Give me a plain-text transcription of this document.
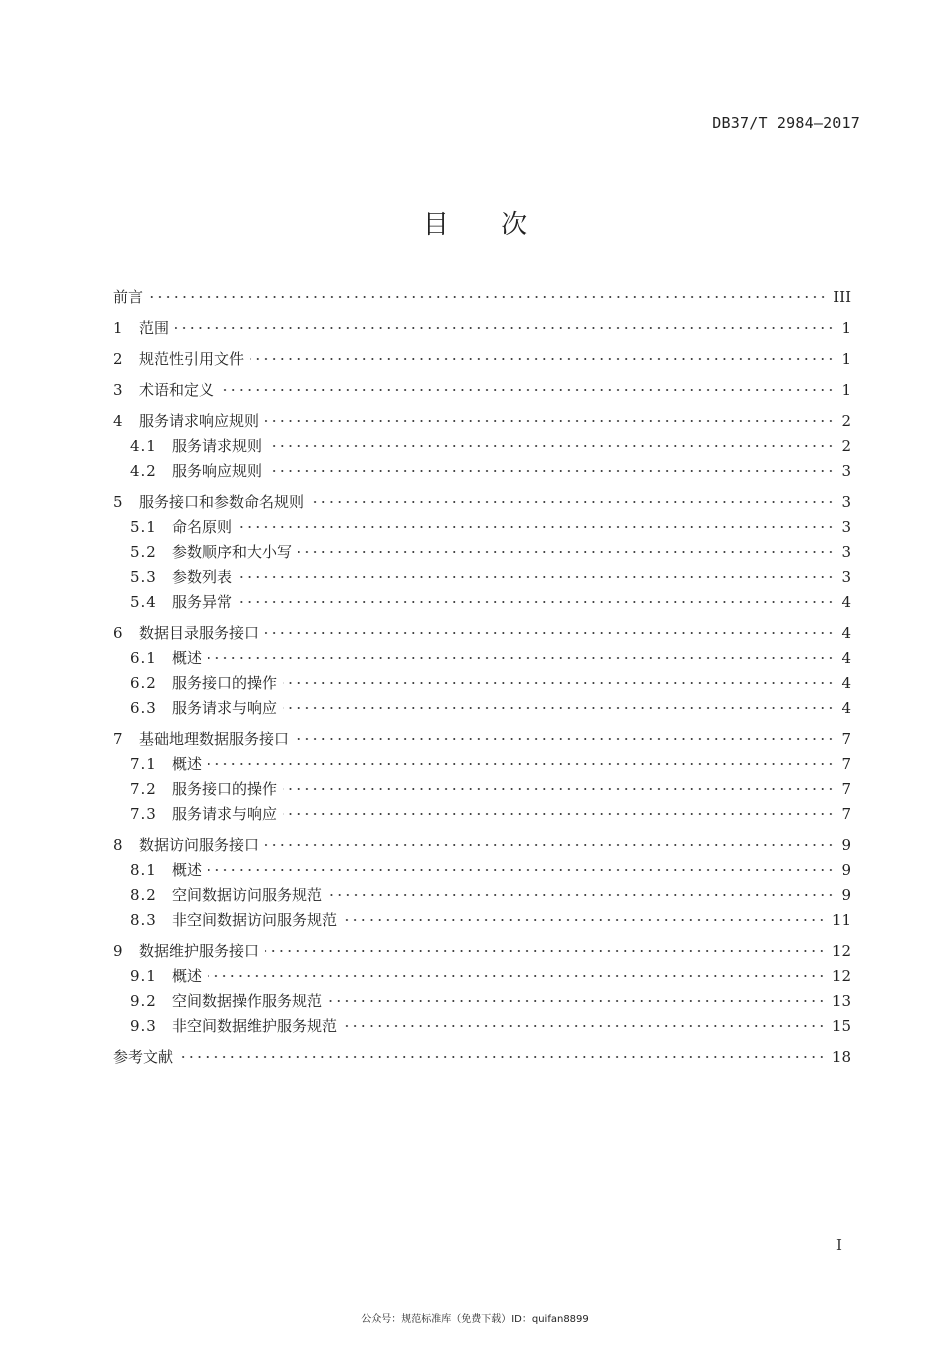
DB37/T 2984—2017

目 次
前言	III
1	范围	1
2	规范性引用文件	1
3	术语和定义	1
4	服务请求响应规则	2
4.1	服务请求规则	2
4.2	服务响应规则	3
5	服务接口和参数命名规则	3
5.1	命名原则	3
5.2	参数顺序和大小写	3
5.3	参数列表	3
5.4	服务异常	4
6	数据目录服务接口	4
6.1	概述	4
6.2	服务接口的操作	4
6.3	服务请求与响应	4
7	基础地理数据服务接口	7
7.1	概述	7
7.2	服务接口的操作	7
7.3	服务请求与响应	7
8	数据访问服务接口	9
8.1	概述	9
8.2	空间数据访问服务规范	9
8.3	非空间数据访问服务规范	11
9	数据维护服务接口	12
9.1	概述	12
9.2	空间数据操作服务规范	13
9.3	非空间数据维护服务规范	15
参考文献	18

I

公众号：规范标准库（免费下载）ID：quifan8899
